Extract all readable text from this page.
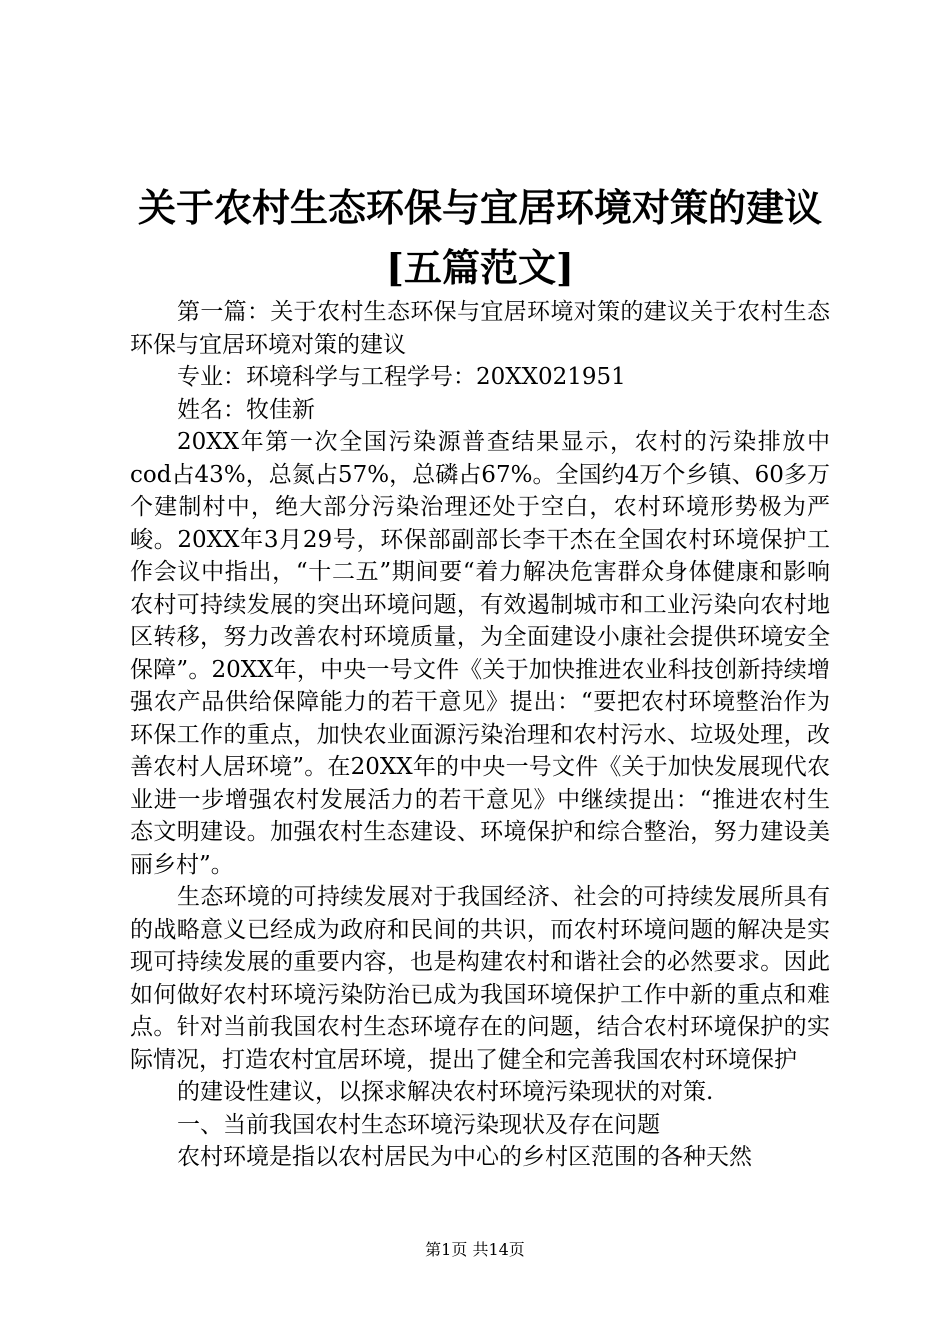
关于农村生态环保与宜居环境对策的建议[五篇范文]

第一篇：关于农村生态环保与宜居环境对策的建议关于农村生态环保与宜居环境对策的建议

专业：环境科学与工程学号：20XX021951

姓名：牧佳新

20XX年第一次全国污染源普查结果显示，农村的污染排放中cod占43%，总氮占57%，总磷占67%。全国约4万个乡镇、60多万个建制村中，绝大部分污染治理还处于空白，农村环境形势极为严峻。20XX年3月29号，环保部副部长李干杰在全国农村环境保护工作会议中指出，“十二五”期间要“着力解决危害群众身体健康和影响农村可持续发展的突出环境问题，有效遏制城市和工业污染向农村地区转移，努力改善农村环境质量，为全面建设小康社会提供环境安全保障”。20XX年，中央一号文件《关于加快推进农业科技创新持续增强农产品供给保障能力的若干意见》提出：“要把农村环境整治作为环保工作的重点，加快农业面源污染治理和农村污水、垃圾处理，改善农村人居环境”。在20XX年的中央一号文件《关于加快发展现代农业进一步增强农村发展活力的若干意见》中继续提出：“推进农村生态文明建设。加强农村生态建设、环境保护和综合整治，努力建设美丽乡村”。

生态环境的可持续发展对于我国经济、社会的可持续发展所具有的战略意义已经成为政府和民间的共识，而农村环境问题的解决是实现可持续发展的重要内容，也是构建农村和谐社会的必然要求。因此如何做好农村环境污染防治已成为我国环境保护工作中新的重点和难点。针对当前我国农村生态环境存在的问题，结合农村环境保护的实际情况，打造农村宜居环境，提出了健全和完善我国农村环境保护

的建设性建议，以探求解决农村环境污染现状的对策.

一、当前我国农村生态环境污染现状及存在问题

农村环境是指以农村居民为中心的乡村区范围的各种天然

第1页 共14页
